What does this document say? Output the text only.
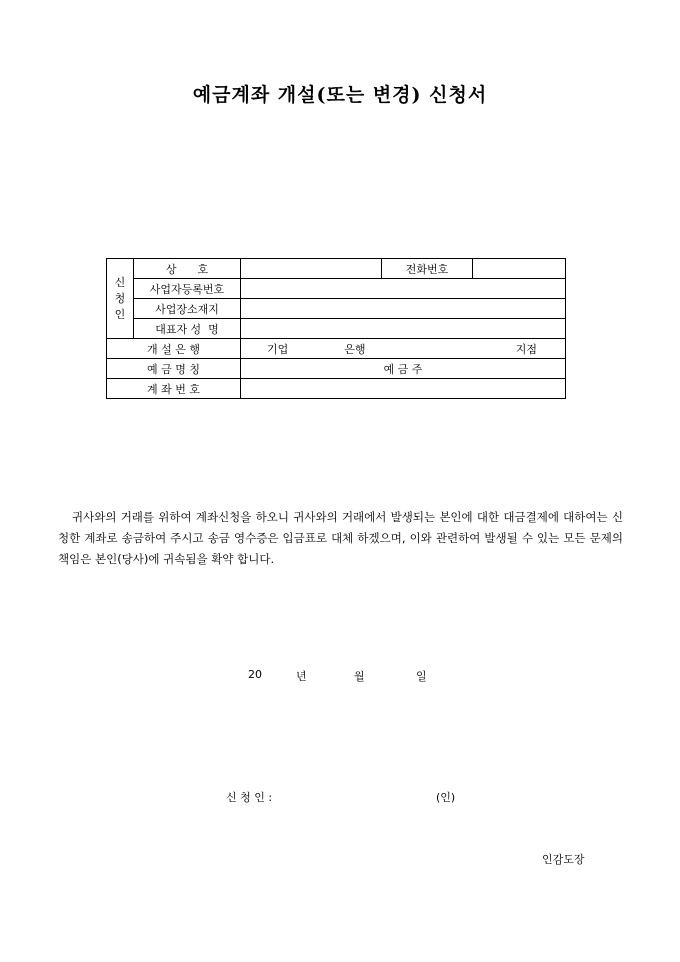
예금계좌 개설(또는 변경) 신청서
신
청
인	상      호		전화번호	
	사업자등록번호			
	사업장소재지			
	대표자 성  명			
개 설 은 행		기업 은행 지점		

예 금 명 칭		예 금 주		
계 좌 번 호				
귀사와의 거래를 위하여 계좌신청을 하오니 귀사와의 거래에서 발생되는 본인에 대한 대금결제에 대하여는 신청한 계좌로 송금하여 주시고 송금 영수증은 입금표로 대체 하겠으며, 이와 관련하여 발생될 수 있는 모든 문제의 책임은 본인(당사)에 귀속됨을 확약 합니다.
20	년	월	일
신 청 인 :	(인)
인감도장
